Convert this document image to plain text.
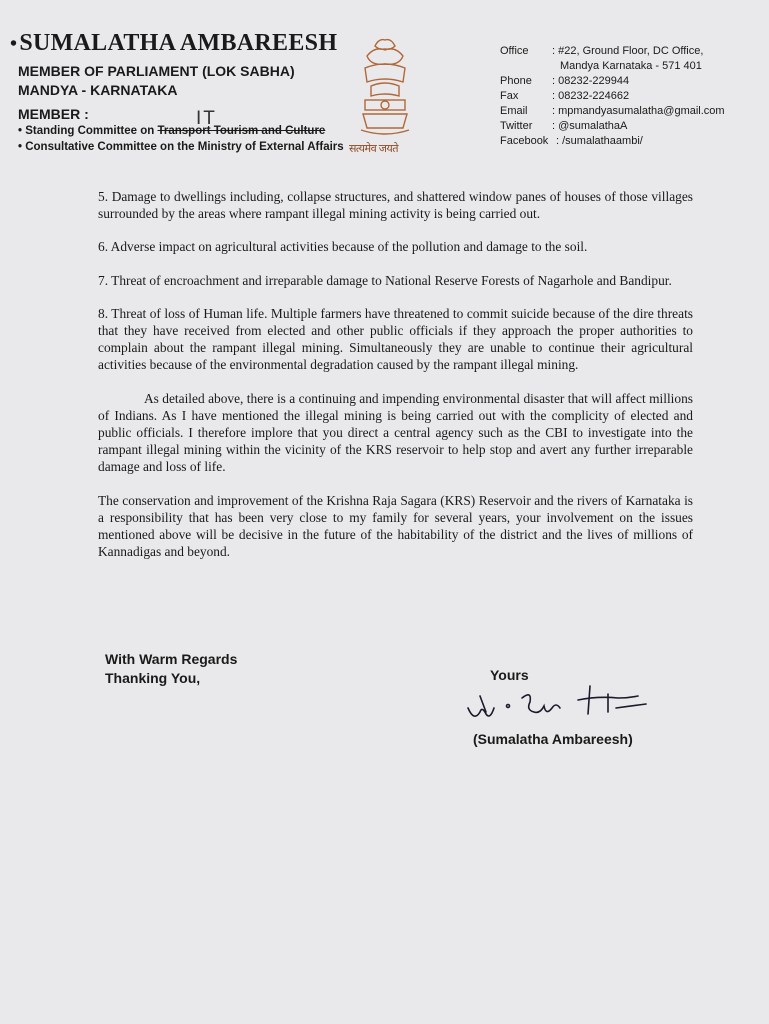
•SUMALATHA AMBAREESH

MEMBER OF PARLIAMENT (LOK SABHA)

MANDYA - KARNATAKA

MEMBER :

• Standing Committee on Transport Tourism and Culture

• Consultative Committee on the Ministry of External Affairs

IT
सत्यमेव जयते
Office	: #22, Ground Floor, DC Office,
Mandya Karnataka - 571 401
Phone	: 08232-229944
Fax	: 08232-224662
Email	: mpmandyasumalatha@gmail.com
Twitter	: @sumalathaA
Facebook : /sumalathaambi/

5. Damage to dwellings including, collapse structures, and shattered window panes of houses of those villages surrounded by the areas where rampant illegal mining activity is being carried out.

6. Adverse impact on agricultural activities because of the pollution and damage to the soil.

7. Threat of encroachment and irreparable damage to National Reserve Forests of Nagarhole and Bandipur.

8. Threat of loss of Human life. Multiple farmers have threatened to commit suicide because of the dire threats that they have received from elected and other public officials if they approach the proper authorities to complain about the rampant illegal mining. Simultaneously they are unable to continue their agricultural activities because of the environmental degradation caused by the rampant illegal mining.

As detailed above, there is a continuing and impending environmental disaster that will affect millions of Indians. As I have mentioned the illegal mining is being carried out with the complicity of elected and public officials. I therefore implore that you direct a central agency such as the CBI to investigate into the rampant illegal mining within the vicinity of the KRS reservoir to help stop and avert any further irreparable damage and loss of life.

The conservation and improvement of the Krishna Raja Sagara (KRS) Reservoir and the rivers of Karnataka is a responsibility that has been very close to my family for several years, your involvement on the issues mentioned above will be decisive in the future of the habitability of the district and the lives of millions of Kannadigas and beyond.

With Warm Regards
Thanking You,	Yours
(Sumalatha Ambareesh)
